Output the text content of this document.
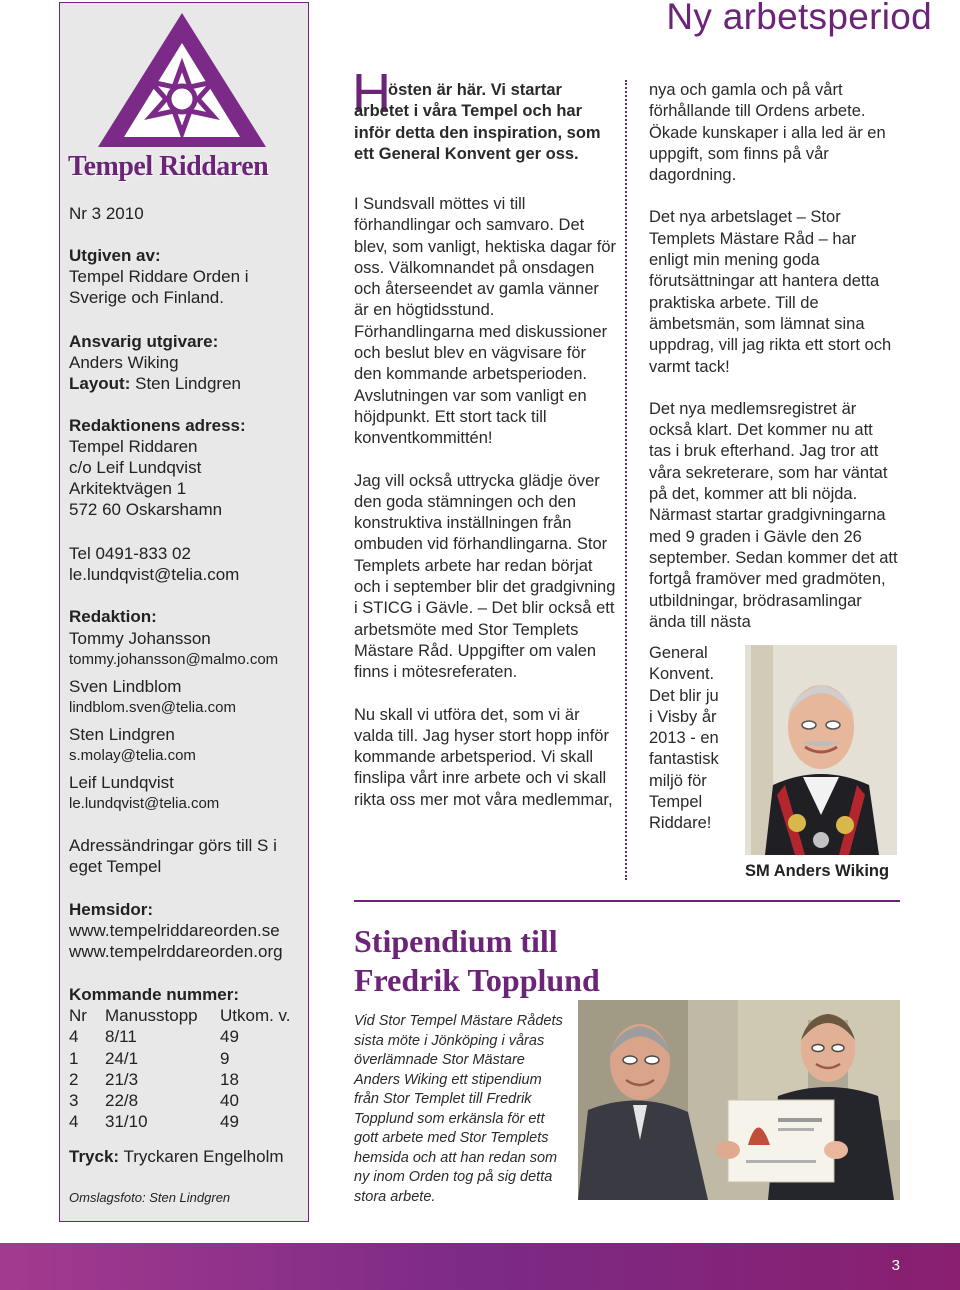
Ny arbetsperiod
Tempel Riddaren
Nr 3 2010
Utgiven av:
Tempel Riddare Orden i
Sverige och Finland.
Ansvarig utgivare:
Anders Wiking
Layout: Sten Lindgren
Redaktionens adress:
Tempel Riddaren
c/o Leif Lundqvist
Arkitektvägen 1
572 60 Oskarshamn
Tel 0491-833 02
le.lundqvist@telia.com
Redaktion:
Tommy Johansson
tommy.johansson@malmo.com
Sven Lindblom
lindblom.sven@telia.com
Sten Lindgren
s.molay@telia.com
Leif Lundqvist
le.lundqvist@telia.com
Adressändringar görs till S i
eget Tempel
Hemsidor:
www.tempelriddareorden.se
www.tempelrddareorden.org
Kommande nummer:
Nr	Manusstopp	Utkom. v.
4	8/11	49
1	24/1	9
2	21/3	18
3	22/8	40
4	31/10	49
Tryck: Tryckaren Engelholm
Omslagsfoto: Sten Lindgren
H
östen är här. Vi startar arbetet i våra Tempel och har inför detta den inspiration, som ett General Konvent ger oss.

I Sundsvall möttes vi till förhandlingar och samvaro. Det blev, som vanligt, hektiska dagar för oss. Välkomnandet på onsdagen och återseendet av gamla vänner är en högtidsstund. Förhandlingarna med diskussioner och beslut blev en vägvisare för den kommande arbetsperioden. Avslutningen var som vanligt en höjdpunkt. Ett stort tack till konventkommittén!

Jag vill också uttrycka glädje över den goda stämningen och den konstruktiva inställningen från ombuden vid förhandlingarna. Stor Templets arbete har redan börjat och i september blir det gradgivning i STICG i Gävle. – Det blir också ett arbetsmöte med Stor Templets Mästare Råd. Uppgifter om valen finns i mötesreferaten.

Nu skall vi utföra det, som vi är valda till. Jag hyser stort hopp inför kommande arbetsperiod. Vi skall finslipa vårt inre arbete och vi skall rikta oss mer mot våra medlemmar,

nya och gamla och på vårt förhållande till Ordens arbete. Ökade kunskaper i alla led är en uppgift, som finns på vår dagordning.

Det nya arbetslaget – Stor Templets Mästare Råd – har enligt min mening goda förutsättningar att hantera detta praktiska arbete. Till de ämbetsmän, som lämnat sina uppdrag, vill jag rikta ett stort och varmt tack!

Det nya medlemsregistret är också klart. Det kommer nu att tas i bruk efterhand. Jag tror att våra sekreterare, som har väntat på det, kommer att bli nöjda. Närmast startar gradgivningarna med 9 graden i Gävle den 26 september. Sedan kommer det att fortgå framöver med gradmöten, utbildningar, brödrasamlingar ända till nästa

General
Konvent.
Det blir ju
i Visby år
2013 - en
fantastisk
miljö för
Tempel
Riddare!
SM Anders Wiking
Stipendium till
Fredrik Topplund
Vid Stor Tempel Mästare Rådets sista möte i Jönköping i våras överlämnade Stor Mästare Anders Wiking ett stipendium från Stor Templet till Fredrik Topplund som erkänsla för ett gott arbete med Stor Templets hemsida och att han redan som ny inom Orden tog på sig detta stora arbete.
3
